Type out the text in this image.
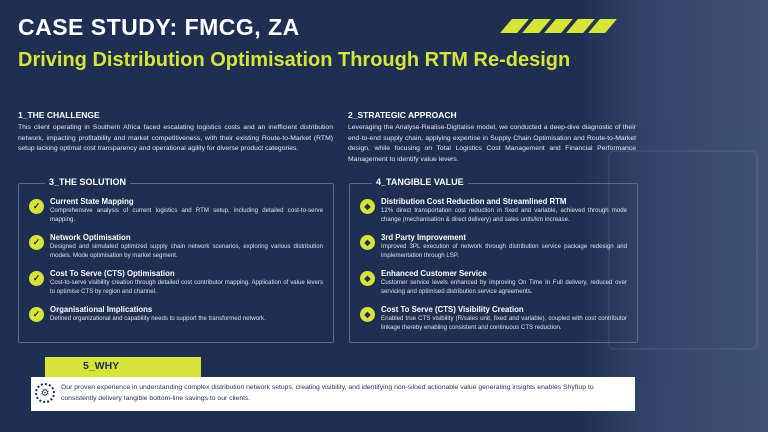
CASE STUDY: FMCG, ZA
Driving Distribution Optimisation Through RTM Re-design
1_THE CHALLENGE
This client operating in Southern Africa faced escalating logistics costs and an inefficient distribution network, impacting profitability and market competitiveness, with their existing Route-to-Market (RTM) setup lacking optimal cost transparency and operational agility for diverse product categories.
2_STRATEGIC APPROACH
Leveraging the Analyse-Realise-Digitalise model, we conducted a deep-dive diagnostic of their end-to-end supply chain, applying expertise in Supply Chain Optimisation and Route-to-Market design, while focusing on Total Logistics Cost Management and Financial Performance Management to identify value levers.
3_THE SOLUTION
✓	Current State Mapping
Comprehensive analysis of current logistics and RTM setup, including detailed cost-to-serve mapping.
✓	Network Optimisation
Designed and simulated optimized supply chain network scenarios, exploring various distribution models. Mode optimisation by market segment.
✓	Cost To Serve (CTS) Optimisation
Cost-to-serve visibility creation through detailed cost contributor mapping. Application of value levers to optimise CTS by region and channel.
✓	Organisational Implications
Defined organizational and capability needs to support the transformed network.
4_TANGIBLE VALUE
◆
Distribution Cost Reduction and Streamlined RTM
12% direct transportation cost reduction in fixed and variable, achieved through mode change (mechanisation & direct delivery) and sales units/km increase.
◆
3rd Party Improvement
Improved 3PL execution of network through distribution service package redesign and implementation through LSP.
◆
Enhanced Customer Service
Customer service levels enhanced by improving On Time In Full delivery, reduced over servicing and optimised distribution service agreements.
◆
Cost To Serve (CTS) Visibility Creation
Enabled true CTS visibility (R/sales unit, fixed and variable), coupled with cost contributor linkage thereby enabling consistent and continuous CTS reduction.
5_WHY
⚙	Our proven experience in understanding complex distribution network setups, creating visibility, and identifying non-siloed actionable value generating insights enables Shyftup to consistently delivery tangible bottom-line savings to our clients.
